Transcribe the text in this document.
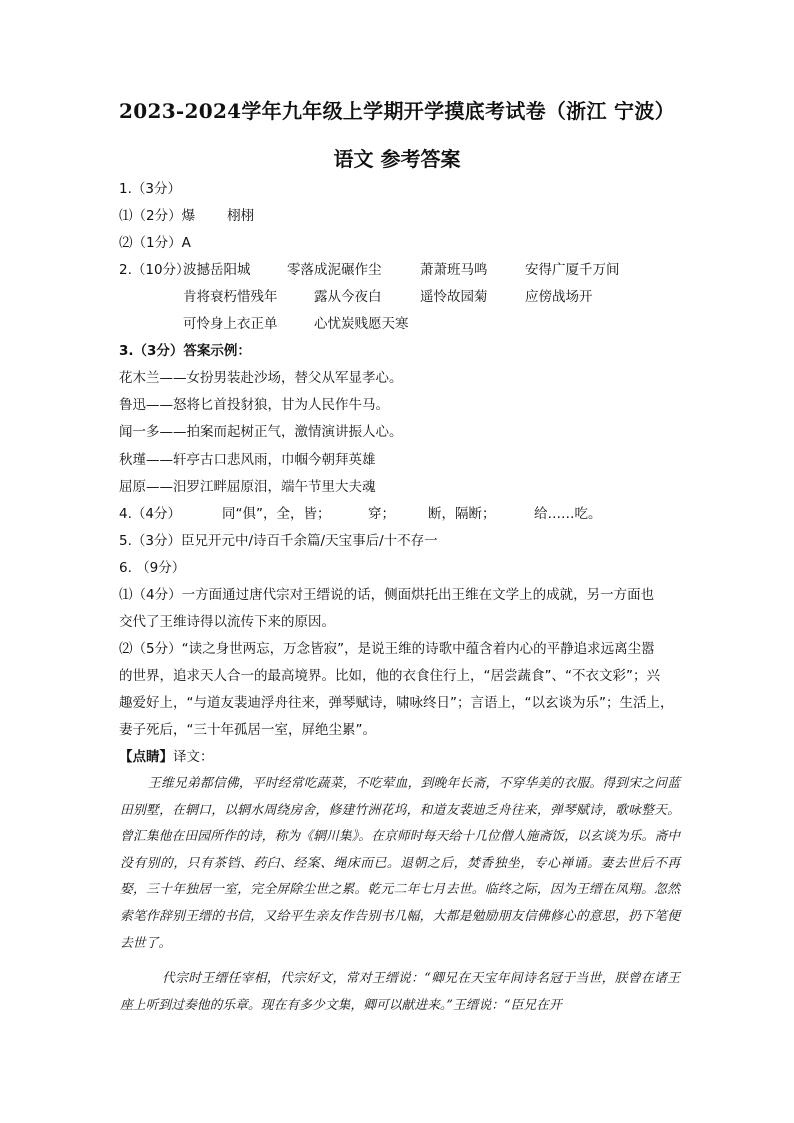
2023-2024学年九年级上学期开学摸底考试卷（浙江 宁波）
语文 参考答案
1.（3分）
⑴（2分）爆 栩栩
⑵（1分）A
2.（10分）
波撼岳阳城	零落成泥碾作尘	萧萧班马鸣	安得广厦千万间
肯将衰朽惜残年	露从今夜白	遥怜故园菊	应傍战场开
可怜身上衣正单	心忧炭贱愿天寒
3.（3分）答案示例：
花木兰——女扮男装赴沙场，替父从军显孝心。
鲁迅——怒将匕首投豺狼，甘为人民作牛马。
闻一多——拍案而起树正气，激情演讲振人心。
秋瑾——轩亭古口悲风雨，巾帼今朝拜英雄
屈原——汨罗江畔屈原泪，端午节里大夫魂
4.（4分）	同“俱”，全，皆；	穿； 断，隔断；	给……吃。
5.（3分）臣兄开元中/诗百千余篇/天宝事后/十不存一
6. （9分）
⑴（4分）一方面通过唐代宗对王缙说的话，侧面烘托出王维在文学上的成就，另一方面也
交代了王维诗得以流传下来的原因。
⑵（5分）“读之身世两忘，万念皆寂”，是说王维的诗歌中蕴含着内心的平静追求远离尘嚣
的世界，追求天人合一的最高境界。比如，他的衣食住行上，“居尝蔬食”、“不衣文彩”；兴
趣爱好上，“与道友裴迪浮舟往来，弹琴赋诗，啸咏终日”；言语上，“以玄谈为乐”；生活上，
妻子死后，“三十年孤居一室，屏绝尘累”。
【点睛】译文：
王维兄弟都信佛，平时经常吃蔬菜，不吃荤血，到晚年长斋，不穿华美的衣服。得到宋之问蓝田别墅，在辋口，以辋水周绕房舍，修建竹洲花坞，和道友裴迪乏舟往来，弹琴赋诗，歌咏整天。曾汇集他在田园所作的诗，称为《辋川集》。在京师时每天给十几位僧人施斋饭，以玄谈为乐。斋中没有别的，只有茶铛、药臼、经案、绳床而已。退朝之后，焚香独坐，专心禅诵。妻去世后不再娶，三十年独居一室，完全屏除尘世之累。乾元二年七月去世。临终之际，因为王缙在凤翔。忽然索笔作辞别王缙的书信，又给平生亲友作告别书几幅，大都是勉励朋友信佛修心的意思，扔下笔便去世了。
代宗时王缙任宰相，代宗好文，常对王缙说：“卿兄在天宝年间诗名冠于当世，朕曾在诸王座上听到过奏他的乐章。现在有多少文集，卿可以献进来。”王缙说：“臣兄在开
